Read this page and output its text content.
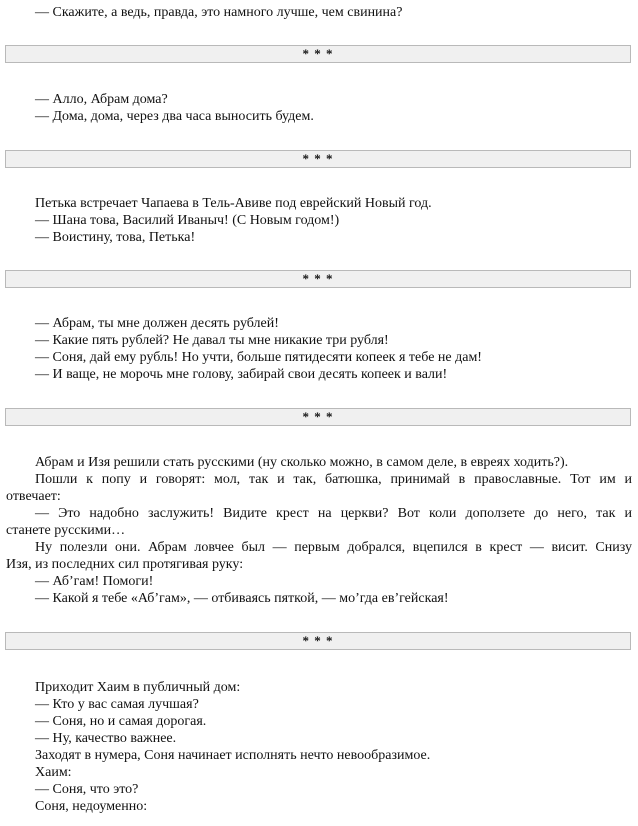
— Скажите, а ведь, правда, это намного лучше, чем свинина?
* * *
— Алло, Абрам дома?
— Дома, дома, через два часа выносить будем.
* * *
Петька встречает Чапаева в Тель-Авиве под еврейский Новый год.
— Шана това, Василий Иваныч! (С Новым годом!)
— Воистину, това, Петька!
* * *
— Абрам, ты мне должен десять рублей!
— Какие пять рублей? Не давал ты мне никакие три рубля!
— Соня, дай ему рубль! Но учти, больше пятидесяти копеек я тебе не дам!
— И ваще, не морочь мне голову, забирай свои десять копеек и вали!
* * *
Абрам и Изя решили стать русскими (ну сколько можно, в самом деле, в евреях ходить?).
Пошли к попу и говорят: мол, так и так, батюшка, принимай в православные. Тот им и
отвечает:
— Это надобно заслужить! Видите крест на церкви? Вот коли доползете до него, так и
станете русскими…
Ну полезли они. Абрам ловчее был — первым добрался, вцепился в крест — висит. Снизу
Изя, из последних сил протягивая руку:
— Аб’гам! Помоги!
— Какой я тебе «Аб’гам», — отбиваясь пяткой, — мо’гда ев’гейская!
* * *
Приходит Хаим в публичный дом:
— Кто у вас самая лучшая?
— Соня, но и самая дорогая.
— Ну, качество важнее.
Заходят в нумера, Соня начинает исполнять нечто невообразимое.
Хаим:
— Соня, что это?
Соня, недоуменно:
